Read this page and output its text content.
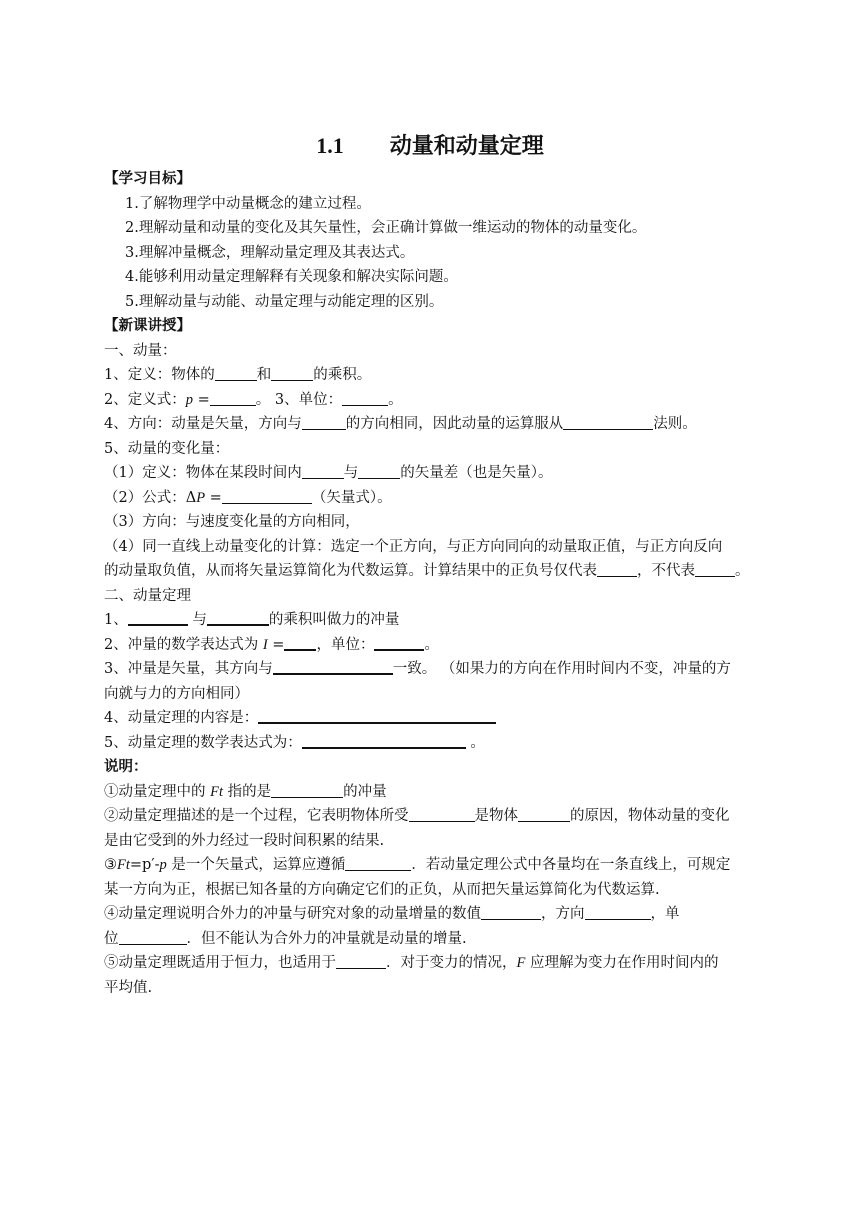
1.1 动量和动量定理
【学习目标】
1.了解物理学中动量概念的建立过程。
2.理解动量和动量的变化及其矢量性，会正确计算做一维运动的物体的动量变化。
3.理解冲量概念，理解动量定理及其表达式。
4.能够利用动量定理解释有关现象和解决实际问题。
5.理解动量与动能、动量定理与动能定理的区别。
【新课讲授】
一、动量：
1、定义：物体的	和	的乘积。
2、定义式：p =	。 3、单位：	。
4、方向：动量是矢量，方向与	的方向相同，因此动量的运算服从	法则。
5、动量的变化量：
（1）定义：物体在某段时间内	与	的矢量差（也是矢量）。
（2）公式：ΔP =	（矢量式）。
（3）方向：与速度变化量的方向相同，
（4）同一直线上动量变化的计算：选定一个正方向，与正方向同向的动量取正值，与正方向反向
的动量取负值，从而将矢量运算简化为代数运算。计算结果中的正负号仅代表	，不代表	。
二、动量定理
1、	与	的乘积叫做力的冲量
2、冲量的数学表达式为 I = ，单位：	。
3、冲量是矢量，其方向与	一致。 （如果力的方向在作用时间内不变，冲量的方
向就与力的方向相同）
4、动量定理的内容是：
5、动量定理的数学表达式为：	。
说明：
①动量定理中的 Ft 指的是	的冲量
②动量定理描述的是一个过程，它表明物体所受	是物体	的原因，物体动量的变化
是由它受到的外力经过一段时间积累的结果.
③Ft=p′-p 是一个矢量式，运算应遵循	．若动量定理公式中各量均在一条直线上，可规定
某一方向为正，根据已知各量的方向确定它们的正负，从而把矢量运算简化为代数运算.
④动量定理说明合外力的冲量与研究对象的动量增量的数值	，方向	，单
位	．但不能认为合外力的冲量就是动量的增量.
⑤动量定理既适用于恒力，也适用于	．对于变力的情况，F 应理解为变力在作用时间内的
平均值.
